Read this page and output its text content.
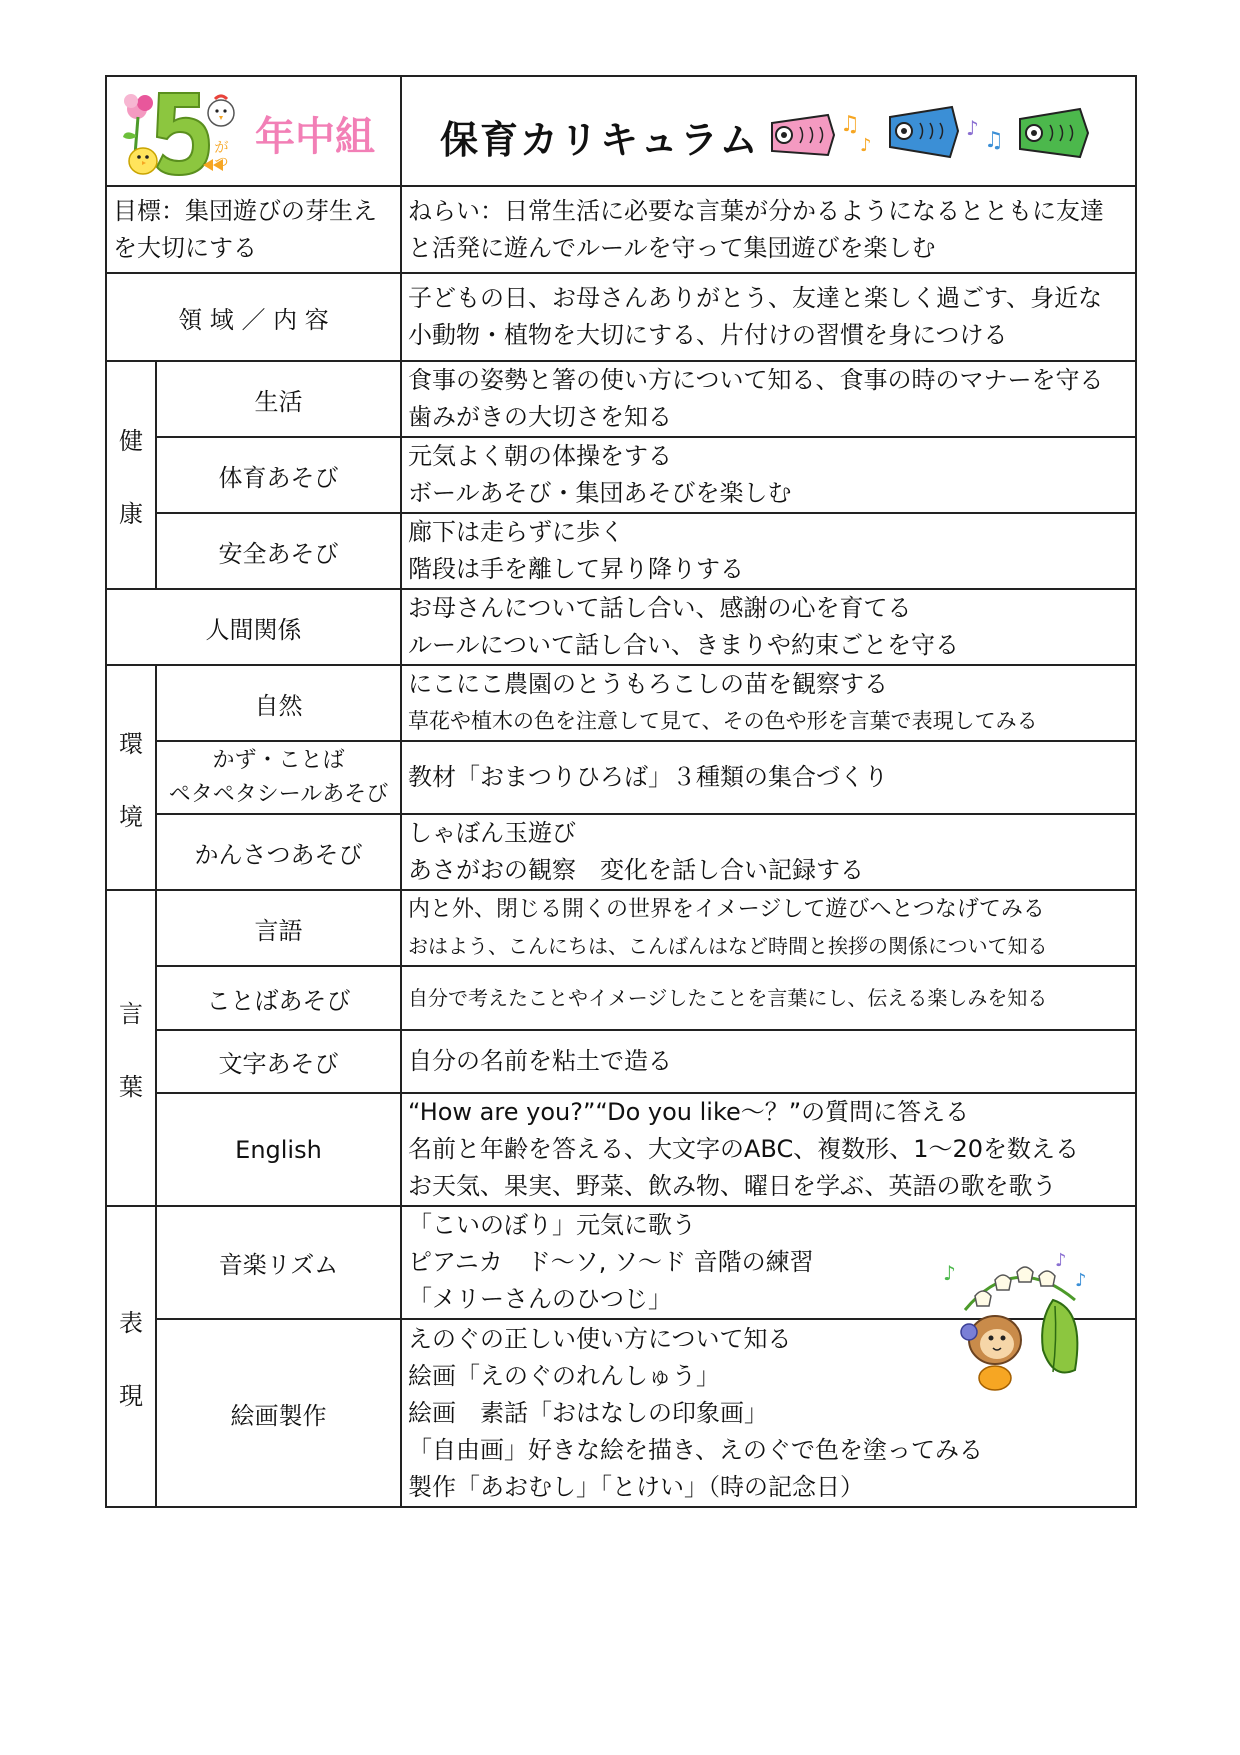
がつ 年中組		保育カリキュラム ♫
♪
♪ ♫

目標：集団遊びの芽生え
を大切にする		ねらい：日常生活に必要な言葉が分かるようになるとともに友達
と活発に遊んでルールを守って集団遊びを楽しむ

領 域 ／ 内 容		子どもの日、お母さんありがとう、友達と楽しく過ごす、身近な
小動物・植物を大切にする、片付けの習慣を身につける

健
康	生活	食事の姿勢と箸の使い方について知る、食事の時のマナーを守る
歯みがきの大切さを知る

	体育あそび	元気よく朝の体操をする
ボールあそび・集団あそびを楽しむ

	安全あそび	廊下は走らずに歩く
階段は手を離して昇り降りする

人間関係		お母さんについて話し合い、感謝の心を育てる
ルールについて話し合い、きまりや約束ごとを守る

環
境	自然	にこにこ農園のとうもろこしの苗を観察する
草花や植木の色を注意して見て、その色や形を言葉で表現してみる

	かず・ことば
ペタペタシールあそび	教材「おまつりひろば」３種類の集合づくり

	かんさつあそび	しゃぼん玉遊び
あさがおの観察　変化を話し合い記録する

言
葉	言語	内と外、閉じる開くの世界をイメージして遊びへとつなげてみる
おはよう、こんにちは、こんばんはなど時間と挨拶の関係について知る

	ことばあそび	自分で考えたことやイメージしたことを言葉にし、伝える楽しみを知る

	文字あそび	自分の名前を粘土で造る

	English	“How are you?”“Do you like～？”の質問に答える
名前と年齢を答える、大文字のABC、複数形、1～20を数える
お天気、果実、野菜、飲み物、曜日を学ぶ、英語の歌を歌う

表
現	音楽リズム	「こいのぼり」元気に歌う
ピアニカ　ド～ソ, ソ～ド 音階の練習
「メリーさんのひつじ」

	絵画製作	えのぐの正しい使い方について知る
絵画「えのぐのれんしゅう」
絵画　素話「おはなしの印象画」
「自由画」好きな絵を描き、えのぐで色を塗ってみる
製作「あおむし」「とけい」（時の記念日）
♪
♪
♪
